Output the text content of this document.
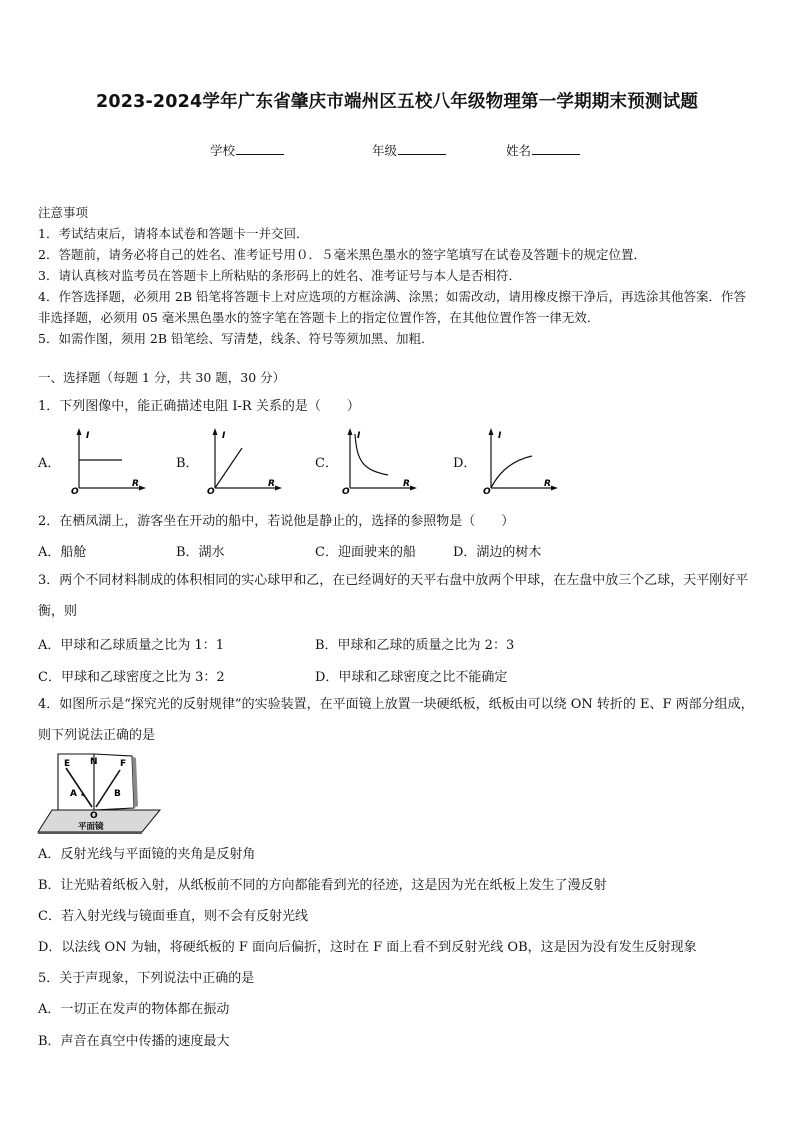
2023-2024学年广东省肇庆市端州区五校八年级物理第一学期期末预测试题
学校	年级	姓名
注意事项
1．考试结束后，请将本试卷和答题卡一并交回．
2．答题前，请务必将自己的姓名、准考证号用０．５毫米黑色墨水的签字笔填写在试卷及答题卡的规定位置．
3．请认真核对监考员在答题卡上所粘贴的条形码上的姓名、准考证号与本人是否相符．
4．作答选择题，必须用 2B 铅笔将答题卡上对应选项的方框涂满、涂黑；如需改动，请用橡皮擦干净后，再选涂其他答案．作答非选择题，必须用 05 毫米黑色墨水的签字笔在答题卡上的指定位置作答，在其他位置作答一律无效．
5．如需作图，须用 2B 铅笔绘、写清楚，线条、符号等须加黑、加粗．
一、选择题（每题 1 分，共 30 题，30 分）
1．下列图像中，能正确描述电阻 I-R 关系的是（　　）
A．
I
R
O
B．
I
R
O
C．
I
R
O
D．
I
R
O
2．在栖凤湖上，游客坐在开动的船中，若说他是静止的，选择的参照物是（　　）
A．船舱	B．湖水	C．迎面驶来的船	D．湖边的树木
3．两个不同材料制成的体积相同的实心球甲和乙，在已经调好的天平右盘中放两个甲球，在左盘中放三个乙球，天平刚好平衡，则
A．甲球和乙球质量之比为 1：1	B．甲球和乙球的质量之比为 2：3
C．甲球和乙球密度之比为 3：2	D．甲球和乙球密度之比不能确定
4．如图所示是“探究光的反射规律”的实验装置，在平面镜上放置一块硬纸板，纸板由可以绕 ON 转折的 E、F 两部分组成，则下列说法正确的是
E N F
A	B
O
平面镜
A．反射光线与平面镜的夹角是反射角
B．让光贴着纸板入射，从纸板前不同的方向都能看到光的径迹，这是因为光在纸板上发生了漫反射
C．若入射光线与镜面垂直，则不会有反射光线
D．以法线 ON 为轴，将硬纸板的 F 面向后偏折，这时在 F 面上看不到反射光线 OB，这是因为没有发生反射现象
5．关于声现象，下列说法中正确的是
A．一切正在发声的物体都在振动
B．声音在真空中传播的速度最大
